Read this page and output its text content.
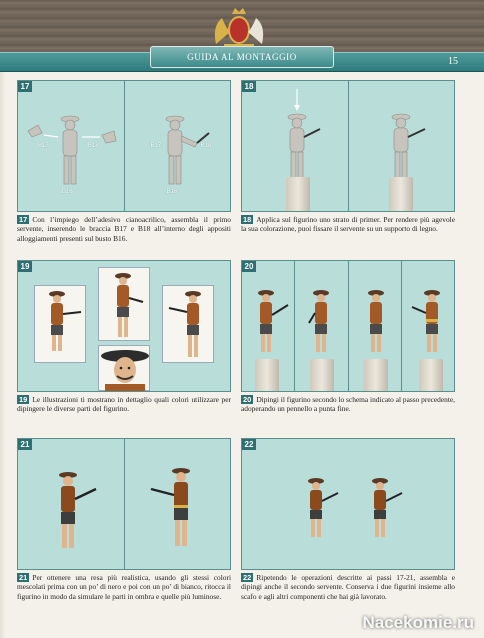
GUIDA AL MONTAGGIO	15
17
B17	B18
B16
B17	B18
B16

17 Con l’impiego dell’adesivo cianoacrilico, assembla il primo servente, inserendo le braccia B17 e B18 all’interno degli appositi alloggiamenti presenti sul busto B16.

18

18 Applica sul figurino uno strato di primer. Per rendere più agevole la sua colorazione, puoi fissare il servente su un supporto di legno.

19

19 Le illustrazioni ti mostrano in dettaglio quali colori utilizzare per dipingere le diverse parti del figurino.

20

20 Dipingi il figurino secondo lo schema indicato al passo precedente, adoperando un pennello a punta fine.

21

21 Per ottenere una resa più realistica, usando gli stessi colori mescolati prima con un po’ di nero e poi con un po’ di bianco, ritocca il figurino in modo da simulare le parti in ombra e quelle più luminose.

22

22 Ripetendo le operazioni descritte ai passi 17-21, assembla e dipingi anche il secondo servente. Conserva i due figurini insieme allo scafo e agli altri componenti che hai già lavorato.

Nacekomie.ru
